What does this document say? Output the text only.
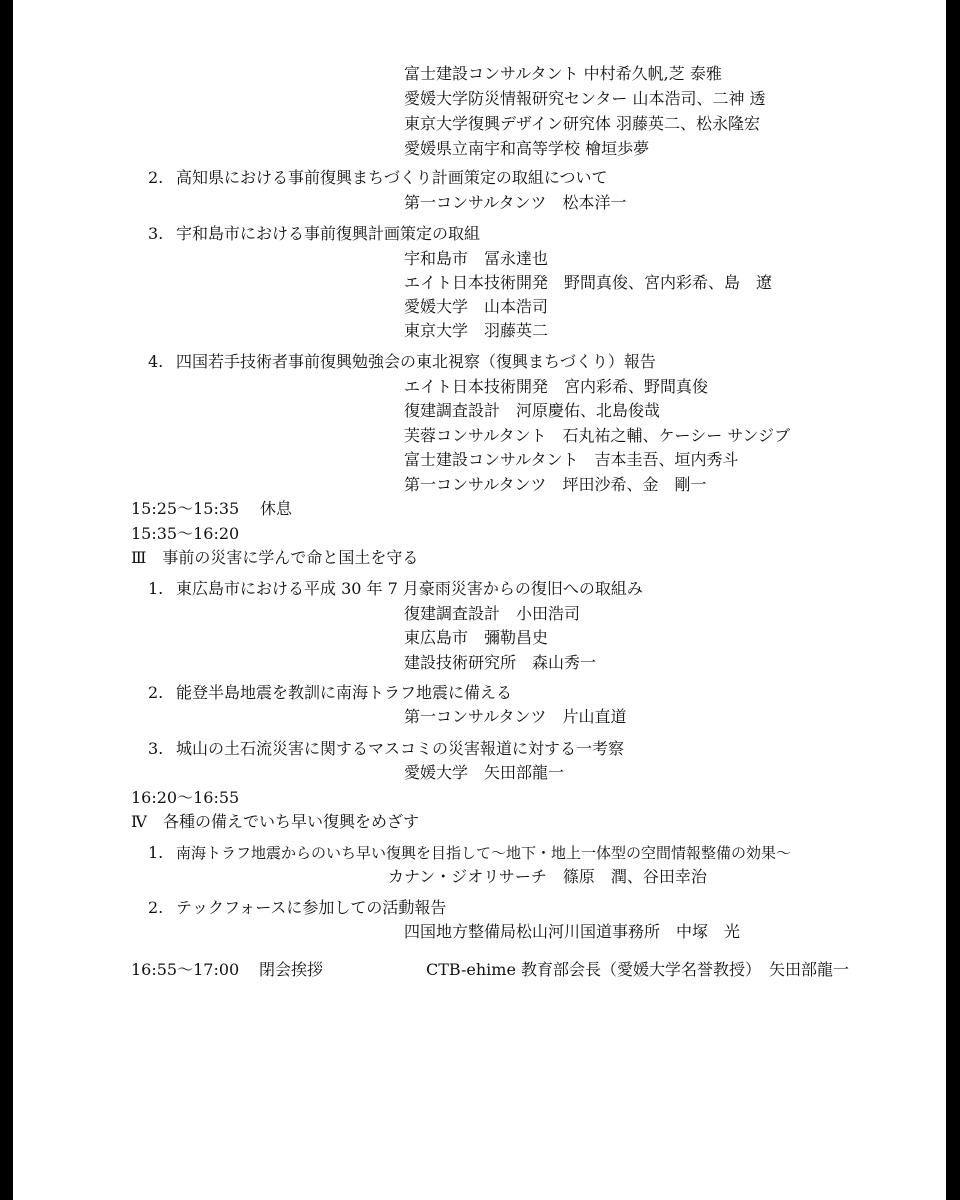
富士建設コンサルタント 中村希久帆,芝 泰雅
愛媛大学防災情報研究センター 山本浩司、二神 透
東京大学復興デザイン研究体 羽藤英二、松永隆宏
愛媛県立南宇和高等学校 檜垣歩夢
2. 高知県における事前復興まちづくり計画策定の取組について
第一コンサルタンツ　松本洋一
3. 宇和島市における事前復興計画策定の取組
宇和島市　冨永達也
エイト日本技術開発　野間真俊、宮内彩希、島　遼
愛媛大学　山本浩司
東京大学　羽藤英二
4. 四国若手技術者事前復興勉強会の東北視察（復興まちづくり）報告
エイト日本技術開発　宮内彩希、野間真俊
復建調査設計　河原慶佑、北島俊哉
芙蓉コンサルタント　石丸祐之輔、ケーシー サンジブ
富士建設コンサルタント　吉本圭吾、垣内秀斗
第一コンサルタンツ　坪田沙希、金　剛一
15:25～15:35 休息
15:35～16:20
Ⅲ　事前の災害に学んで命と国土を守る
1. 東広島市における平成 30 年 7 月豪雨災害からの復旧への取組み
復建調査設計　小田浩司
東広島市　彌勒昌史
建設技術研究所　森山秀一
2. 能登半島地震を教訓に南海トラフ地震に備える
第一コンサルタンツ　片山直道
3. 城山の土石流災害に関するマスコミの災害報道に対する一考察
愛媛大学　矢田部龍一
16:20～16:55
Ⅳ　各種の備えでいち早い復興をめざす
1. 南海トラフ地震からのいち早い復興を目指して～地下・地上一体型の空間情報整備の効果～
カナン・ジオリサーチ　篠原　潤、谷田幸治
2. テックフォースに参加しての活動報告
四国地方整備局松山河川国道事務所　中塚　光
16:55～17:00 閉会挨拶	CTB-ehime 教育部会長（愛媛大学名誉教授）　矢田部龍一
